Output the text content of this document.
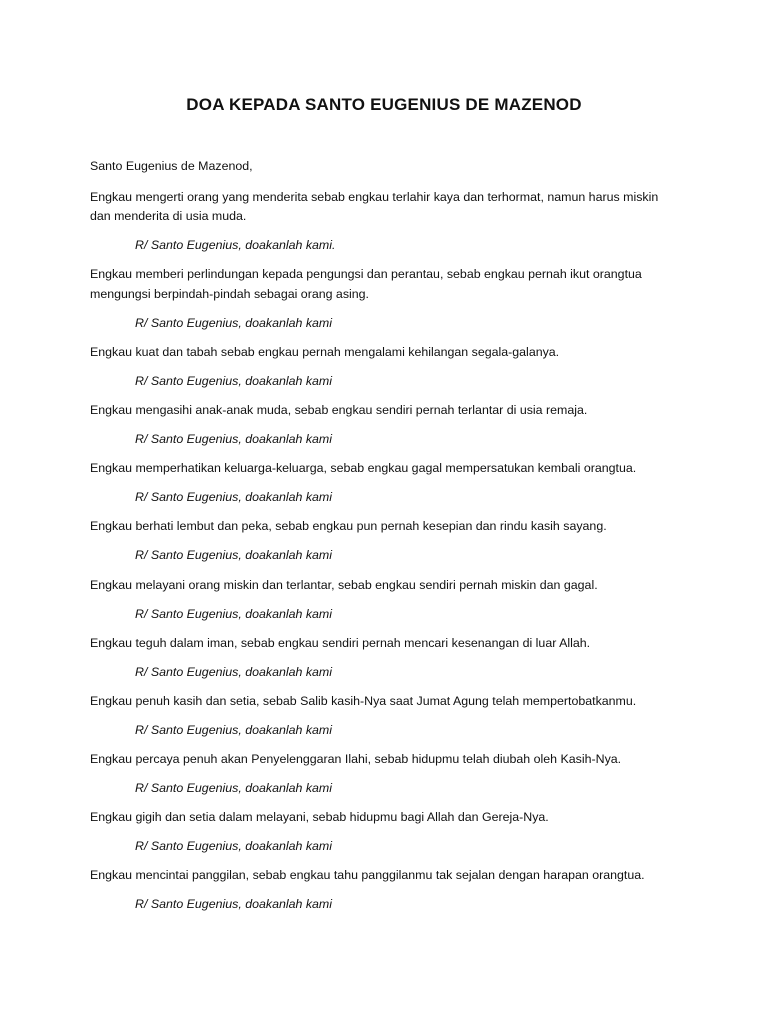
DOA KEPADA SANTO EUGENIUS DE MAZENOD
Santo Eugenius de Mazenod,
Engkau mengerti orang yang menderita sebab engkau terlahir kaya dan terhormat, namun harus miskin
dan menderita di usia muda.
R/ Santo Eugenius, doakanlah kami.
Engkau memberi perlindungan kepada pengungsi dan perantau, sebab engkau pernah ikut orangtua
mengungsi berpindah-pindah sebagai orang asing.
R/ Santo Eugenius, doakanlah kami
Engkau kuat dan tabah sebab engkau pernah mengalami kehilangan segala-galanya.
R/ Santo Eugenius, doakanlah kami
Engkau mengasihi anak-anak muda, sebab engkau sendiri pernah terlantar di usia remaja.
R/ Santo Eugenius, doakanlah kami
Engkau memperhatikan keluarga-keluarga, sebab engkau gagal mempersatukan kembali orangtua.
R/ Santo Eugenius, doakanlah kami
Engkau berhati lembut dan peka, sebab engkau pun pernah kesepian dan rindu kasih sayang.
R/ Santo Eugenius, doakanlah kami
Engkau melayani orang miskin dan terlantar, sebab engkau sendiri pernah miskin dan gagal.
R/ Santo Eugenius, doakanlah kami
Engkau teguh dalam iman, sebab engkau sendiri pernah mencari kesenangan di luar Allah.
R/ Santo Eugenius, doakanlah kami
Engkau penuh kasih dan setia, sebab Salib kasih-Nya saat Jumat Agung telah mempertobatkanmu.
R/ Santo Eugenius, doakanlah kami
Engkau percaya penuh akan Penyelenggaran Ilahi, sebab hidupmu telah diubah oleh Kasih-Nya.
R/ Santo Eugenius, doakanlah kami
Engkau gigih dan setia dalam melayani, sebab hidupmu bagi Allah dan Gereja-Nya.
R/ Santo Eugenius, doakanlah kami
Engkau mencintai panggilan, sebab engkau tahu panggilanmu tak sejalan dengan harapan orangtua.
R/ Santo Eugenius, doakanlah kami
